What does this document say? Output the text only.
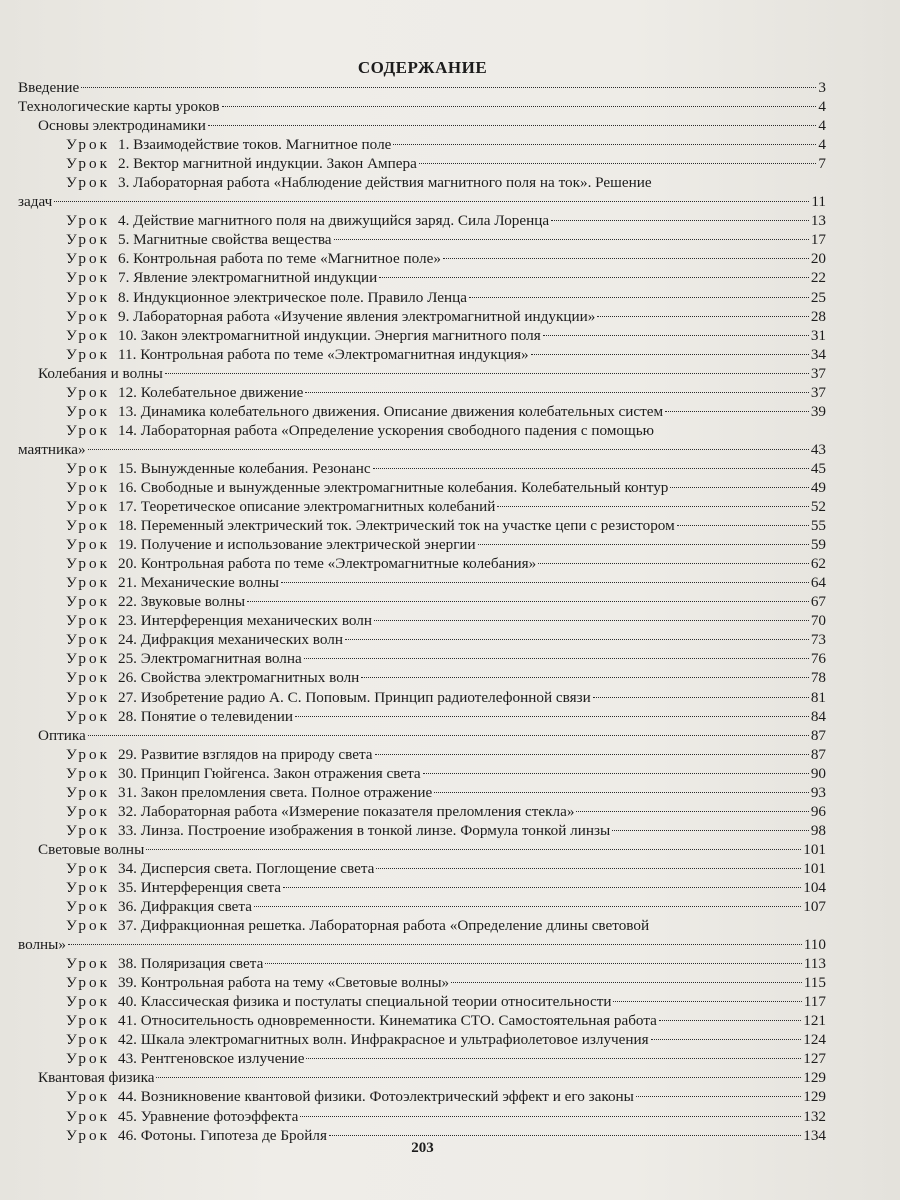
СОДЕРЖАНИЕ
Введение	3
Технологические карты уроков	4
Основы электродинамики	4
Урок 1. Взаимодействие токов. Магнитное поле	4
Урок 2. Вектор магнитной индукции. Закон Ампера	7
Урок 3. Лабораторная работа «Наблюдение действия магнитного поля на ток». Решение
задач	11
Урок 4. Действие магнитного поля на движущийся заряд. Сила Лоренца	13
Урок 5. Магнитные свойства вещества	17
Урок 6. Контрольная работа по теме «Магнитное поле»	20
Урок 7. Явление электромагнитной индукции	22
Урок 8. Индукционное электрическое поле. Правило Ленца	25
Урок 9. Лабораторная работа «Изучение явления электромагнитной индукции»	28
Урок 10. Закон электромагнитной индукции. Энергия магнитного поля	31
Урок 11. Контрольная работа по теме «Электромагнитная индукция»	34
Колебания и волны	37
Урок 12. Колебательное движение	37
Урок 13. Динамика колебательного движения. Описание движения колебательных систем	39
Урок 14. Лабораторная работа «Определение ускорения свободного падения с помощью
маятника»	43
Урок 15. Вынужденные колебания. Резонанс	45
Урок 16. Свободные и вынужденные электромагнитные колебания. Колебательный контур	49
Урок 17. Теоретическое описание электромагнитных колебаний	52
Урок 18. Переменный электрический ток. Электрический ток на участке цепи с резистором	55
Урок 19. Получение и использование электрической энергии	59
Урок 20. Контрольная работа по теме «Электромагнитные колебания»	62
Урок 21. Механические волны	64
Урок 22. Звуковые волны	67
Урок 23. Интерференция механических волн	70
Урок 24. Дифракция механических волн	73
Урок 25. Электромагнитная волна	76
Урок 26. Свойства электромагнитных волн	78
Урок 27. Изобретение радио А. С. Поповым. Принцип радиотелефонной связи	81
Урок 28. Понятие о телевидении	84
Оптика	87
Урок 29. Развитие взглядов на природу света	87
Урок 30. Принцип Гюйгенса. Закон отражения света	90
Урок 31. Закон преломления света. Полное отражение	93
Урок 32. Лабораторная работа «Измерение показателя преломления стекла»	96
Урок 33. Линза. Построение изображения в тонкой линзе. Формула тонкой линзы	98
Световые волны	101
Урок 34. Дисперсия света. Поглощение света	101
Урок 35. Интерференция света	104
Урок 36. Дифракция света	107
Урок 37. Дифракционная решетка. Лабораторная работа «Определение длины световой
волны»	110
Урок 38. Поляризация света	113
Урок 39. Контрольная работа на тему «Световые волны»	115
Урок 40. Классическая физика и постулаты специальной теории относительности	117
Урок 41. Относительность одновременности. Кинематика СТО. Самостоятельная работа	121
Урок 42. Шкала электромагнитных волн. Инфракрасное и ультрафиолетовое излучения	124
Урок 43. Рентгеновское излучение	127
Квантовая физика	129
Урок 44. Возникновение квантовой физики. Фотоэлектрический эффект и его законы	129
Урок 45. Уравнение фотоэффекта	132
Урок 46. Фотоны. Гипотеза де Бройля	134
203
